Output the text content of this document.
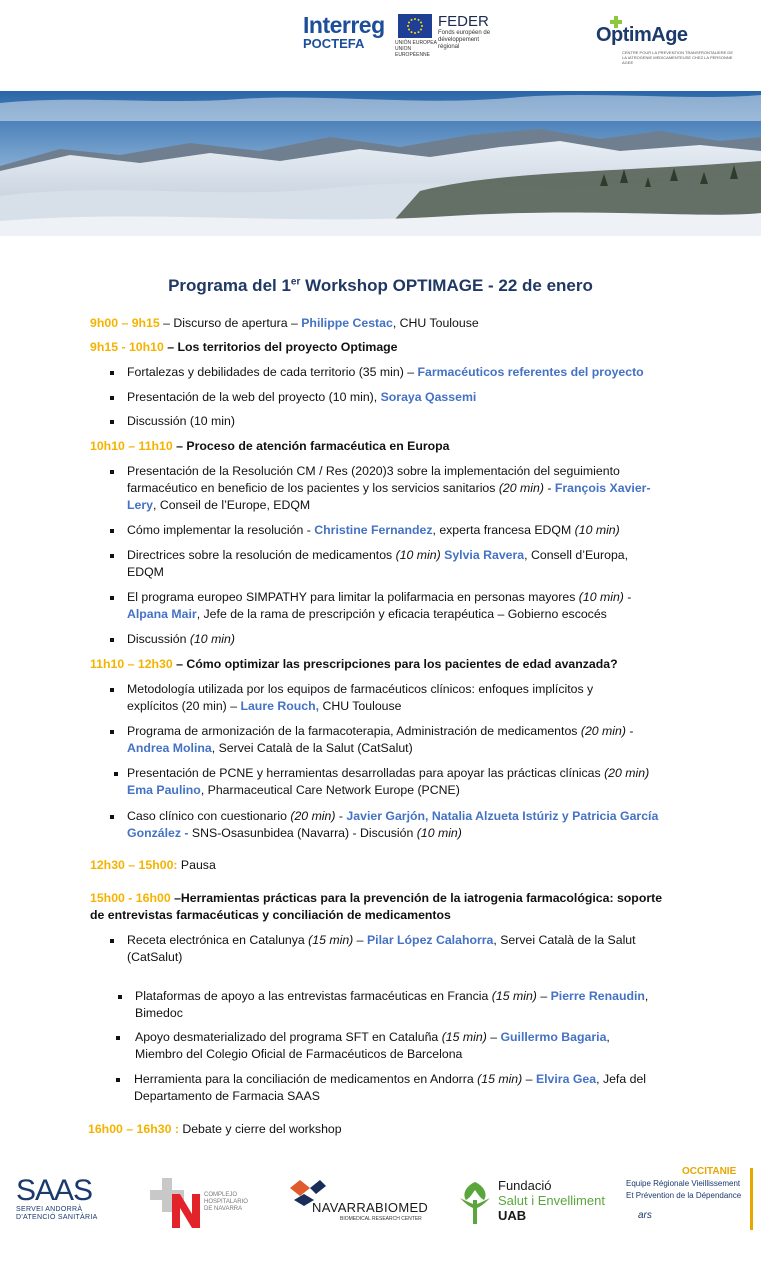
Interreg
POCTEFA	UNIÓN EUROPEA UNION EUROPÉENNE
FEDER
Fonds européen de développement régional
OptimAge
CENTRE POUR LA PREVENTION TRANSFRONTALIERE DE LA IATROGENIE MEDICAMENTEUSE CHEZ LA PERSONNE AGEE
Programa del 1er Workshop OPTIMAGE - 22 de enero
9h00 – 9h15 – Discurso de apertura – Philippe Cestac, CHU Toulouse
9h15 - 10h10 – Los territorios del proyecto Optimage
Fortalezas y debilidades de cada territorio (35 min) – Farmacéuticos referentes del proyecto
Presentación de la web del proyecto (10 min), Soraya Qassemi
Discussión (10 min)
10h10 – 11h10 – Proceso de atención farmacéutica en Europa
Presentación de la Resolución CM / Res (2020)3 sobre la implementación del seguimiento
farmacéutico en beneficio de los pacientes y los servicios sanitarios (20 min) - François Xavier-
Lery, Conseil de l’Europe, EDQM
Cómo implementar la resolución - Christine Fernandez, experta francesa EDQM (10 min)
Directrices sobre la resolución de medicamentos (10 min) Sylvia Ravera, Consell d’Europa,
EDQM
El programa europeo SIMPATHY para limitar la polifarmacia en personas mayores (10 min) -
Alpana Mair, Jefe de la rama de prescripción y eficacia terapéutica – Gobierno escocés
Discussión (10 min)
11h10 – 12h30 – Cómo optimizar las prescripciones para los pacientes de edad avanzada?
Metodología utilizada por los equipos de farmacéuticos clínicos: enfoques implícitos y
explícitos (20 min) – Laure Rouch, CHU Toulouse
Programa de armonización de la farmacoterapia, Administración de medicamentos (20 min) -
Andrea Molina, Servei Català de la Salut (CatSalut)
Presentación de PCNE y herramientas desarrolladas para apoyar las prácticas clínicas (20 min)
Ema Paulino, Pharmaceutical Care Network Europe (PCNE)
Caso clínico con cuestionario (20 min) - Javier Garjón, Natalia Alzueta Istúriz y Patricia García
González - SNS-Osasunbidea (Navarra) - Discusión (10 min)
12h30 – 15h00: Pausa
15h00 - 16h00 –Herramientas prácticas para la prevención de la iatrogenia farmacológica: soporte
de entrevistas farmacéuticas y conciliación de medicamentos
Receta electrónica en Catalunya (15 min) – Pilar López Calahorra, Servei Català de la Salut
(CatSalut)
Plataformas de apoyo a las entrevistas farmacéuticas en Francia (15 min) – Pierre Renaudin,
Bimedoc
Apoyo desmaterializado del programa SFT en Cataluña (15 min) – Guillermo Bagaria,
Miembro del Colegio Oficial de Farmacéuticos de Barcelona
Herramienta para la conciliación de medicamentos en Andorra (15 min) – Elvira Gea, Jefa del
Departamento de Farmacia SAAS
16h00 – 16h30 : Debate y cierre del workshop
SAAS
SERVEI ANDORRÀ
D'ATENCIÓ SANITÀRIA
COMPLEJO HOSPITALARIO DE NAVARRA	NAVARRABIOMED
BIOMEDICAL RESEARCH CENTER
Fundació
Salut i Envelliment
UAB
OCCITANIE
Equipe Régionale Vieillissement
Et Prévention de la Dépendance
ars
